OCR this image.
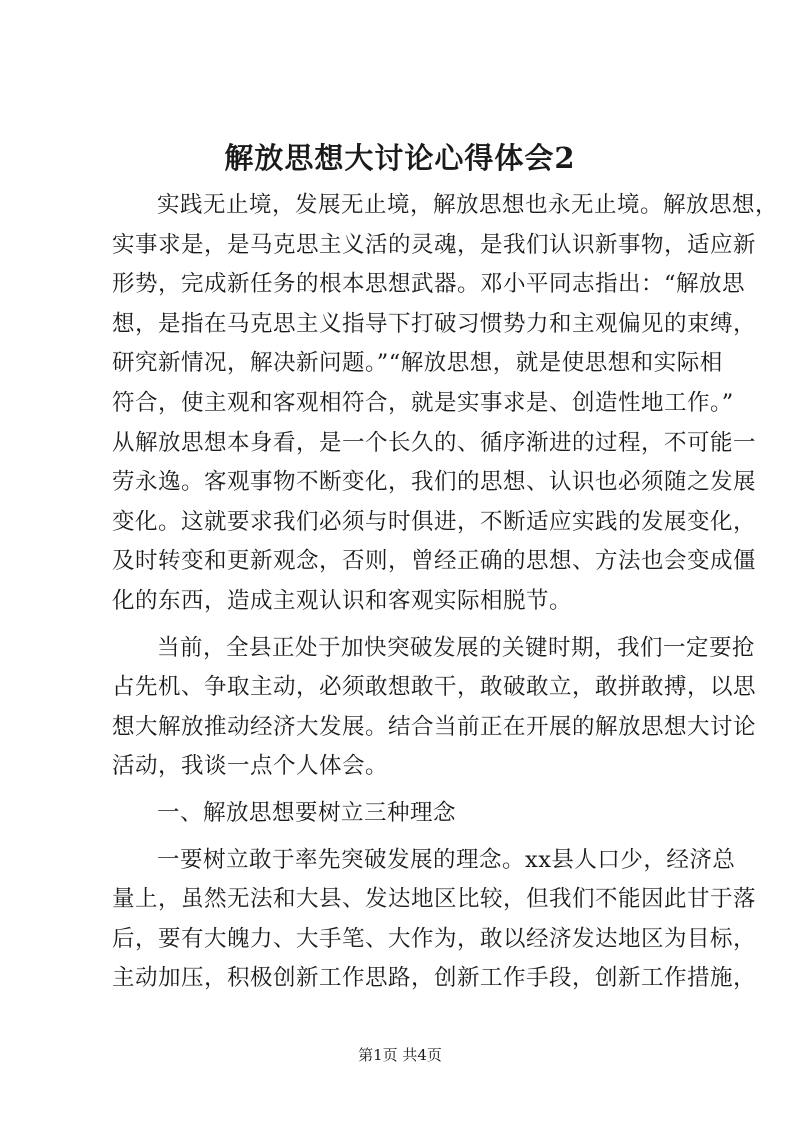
解放思想大讨论心得体会2
实践无止境，发展无止境，解放思想也永无止境。解放思想，
实事求是，是马克思主义活的灵魂，是我们认识新事物，适应新
形势，完成新任务的根本思想武器。邓小平同志指出：“解放思
想，是指在马克思主义指导下打破习惯势力和主观偏见的束缚，
研究新情况，解决新问题。”“解放思想，就是使思想和实际相
符合，使主观和客观相符合，就是实事求是、创造性地工作。”
从解放思想本身看，是一个长久的、循序渐进的过程，不可能一
劳永逸。客观事物不断变化，我们的思想、认识也必须随之发展
变化。这就要求我们必须与时俱进，不断适应实践的发展变化，
及时转变和更新观念，否则，曾经正确的思想、方法也会变成僵
化的东西，造成主观认识和客观实际相脱节。
当前，全县正处于加快突破发展的关键时期，我们一定要抢
占先机、争取主动，必须敢想敢干，敢破敢立，敢拼敢搏，以思
想大解放推动经济大发展。结合当前正在开展的解放思想大讨论
活动，我谈一点个人体会。
一、解放思想要树立三种理念
一要树立敢于率先突破发展的理念。xx县人口少，经济总
量上，虽然无法和大县、发达地区比较，但我们不能因此甘于落
后，要有大魄力、大手笔、大作为，敢以经济发达地区为目标，
主动加压，积极创新工作思路，创新工作手段，创新工作措施，
第1页 共4页
